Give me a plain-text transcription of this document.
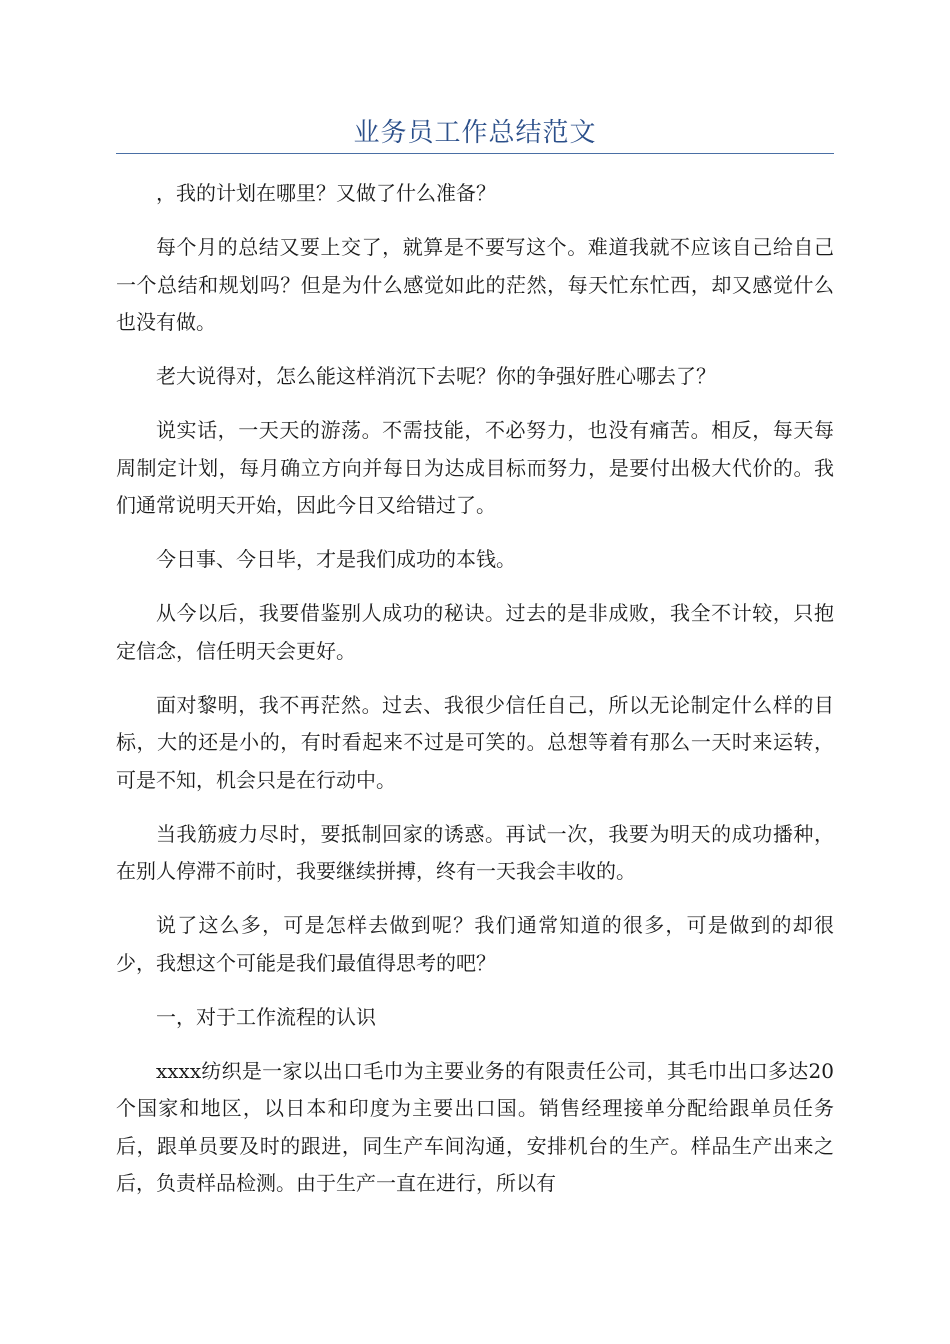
业务员工作总结范文

，我的计划在哪里？又做了什么准备？

每个月的总结又要上交了，就算是不要写这个。难道我就不应该自己给自己一个总结和规划吗？但是为什么感觉如此的茫然，每天忙东忙西，却又感觉什么也没有做。

老大说得对，怎么能这样消沉下去呢？你的争强好胜心哪去了？

说实话，一天天的游荡。不需技能，不必努力，也没有痛苦。相反，每天每周制定计划，每月确立方向并每日为达成目标而努力，是要付出极大代价的。我们通常说明天开始，因此今日又给错过了。

今日事、今日毕，才是我们成功的本钱。

从今以后，我要借鉴别人成功的秘诀。过去的是非成败，我全不计较，只抱定信念，信任明天会更好。

面对黎明，我不再茫然。过去、我很少信任自己，所以无论制定什么样的目标，大的还是小的，有时看起来不过是可笑的。总想等着有那么一天时来运转，可是不知，机会只是在行动中。

当我筋疲力尽时，要抵制回家的诱惑。再试一次，我要为明天的成功播种，在别人停滞不前时，我要继续拼搏，终有一天我会丰收的。

说了这么多，可是怎样去做到呢？我们通常知道的很多，可是做到的却很少，我想这个可能是我们最值得思考的吧？

一，对于工作流程的认识

xxxx纺织是一家以出口毛巾为主要业务的有限责任公司，其毛巾出口多达20个国家和地区，以日本和印度为主要出口国。销售经理接单分配给跟单员任务后，跟单员要及时的跟进，同生产车间沟通，安排机台的生产。样品生产出来之后，负责样品检测。由于生产一直在进行，所以有
